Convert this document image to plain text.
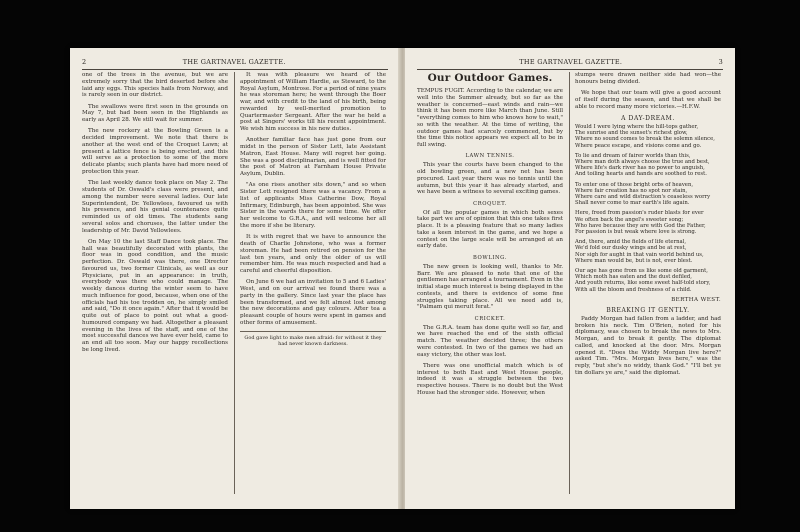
2	THE GARTNAVEL GAZETTE.

one of the trees in the avenue, but we are extremely sorry that the bird deserted before she laid any eggs. This species hails from Norway, and is rarely seen in our district.

The swallows were first seen in the grounds on May 7, but had been seen in the Highlands as early as April 28. We still wait for summer.

The new rockery at the Bowling Green is a decided improvement. We note that there is another at the west end of the Croquet Lawn; at present a lattice fence is being erected, and this will serve as a protection to some of the more delicate plants; such plants have had more need of protection this year.

The last weekly dance took place on May 2. The students of Dr. Oswald's class were present, and among the number were several ladies. Our late Superintendent, Dr. Yellowlees, favoured us with his presence, and his genial countenance quite reminded us of old times. The students sang several solos and choruses, the latter under the leadership of Mr. David Yellowlees.

On May 10 the last Staff Dance took place. The hall was beautifully decorated with plants, the floor was in good condition, and the music perfection. Dr. Oswald was there, one Director favoured us, two former Clinicals, as well as our Physicians, put in an appearance: in truth, everybody was there who could manage. The weekly dances during the winter seem to have much influence for good, because, when one of the officials had his toe trodden on, he simply smiled and said, "Do it once again." After that it would be quite out of place to point out what a good-humoured company we had. Altogether a pleasant evening in the lives of the staff, and one of the most successful dances we have ever held, came to an end all too soon. May our happy recollections be long lived.

It was with pleasure we heard of the appointment of William Hardie, as Steward, to the Royal Asylum, Montrose. For a period of nine years he was storeman here; he went through the Boer war, and with credit to the land of his birth, being rewarded by well-merited promotion to Quartermaster Sergeant. After the war he held a post at Singers' works till his recent appointment. We wish him success in his new duties.

Another familiar face has just gone from our midst in the person of Sister Lett, late Assistant Matron, East House. Many will regret her going. She was a good disciplinarian, and is well fitted for the post of Matron at Farnham House Private Asylum, Dublin.

"As one rises another sits down," and so when Sister Lett resigned there was a vacancy. From a list of applicants Miss Catherine Dow, Royal Infirmary, Edinburgh, has been appointed. She was Sister in the wards there for some time. We offer her welcome to G.R.A., and will welcome her all the more if she be literary.

It is with regret that we have to announce the death of Charlie Johnstone, who was a former storeman. He had been retired on pension for the last ten years, and only the older of us will remember him. He was much respected and had a careful and cheerful disposition.

On June 6 we had an invitation to 5 and 6 Ladies' West, and on our arrival we found there was a party in the gallery. Since last year the place has been transformed, and we felt almost lost among the new decorations and gay colours. After tea a pleasant couple of hours were spent in games and other forms of amusement.

God gave light to make men afraid: for without it they had never known darkness.
THE GARTNAVEL GAZETTE.	3
Our Outdoor Games.

TEMPUS FUGIT. According to the calendar, we are well into the Summer already, but so far as the weather is concerned—east winds and rain—we think it has been more like March than June. Still "everything comes to him who knows how to wait," so with the weather. At the time of writing, the outdoor games had scarcely commenced, but by the time this notice appears we expect all to be in full swing.

LAWN TENNIS.

This year the courts have been changed to the old bowling green, and a new net has been procured. Last year there was no tennis until the autumn, but this year it has already started, and we have been a witness to several exciting games.

CROQUET.

Of all the popular games in which both sexes take part we are of opinion that this one takes first place. It is a pleasing feature that so many ladies take a keen interest in the game, and we hope a contest on the large scale will be arranged at an early date.

BOWLING.

The new green is looking well, thanks to Mr. Barr. We are pleased to note that one of the gentlemen has arranged a tournament. Even in the initial stage much interest is being displayed in the contests, and there is evidence of some fine struggles taking place. All we need add is, "Palmam qui meruit ferat."

CRICKET.

The G.R.A. team has done quite well so far, and we have reached the end of the sixth official match. The weather decided three; the others were contested. In two of the games we had an easy victory, the other was lost.

There was one unofficial match which is of interest to both East and West House people, indeed it was a struggle between the two respective houses. There is no doubt but the West House had the stronger side. However, when

stumps were drawn neither side had won—the honours being divided.

We hope that our team will give a good account of itself during the season, and that we shall be able to record many more victories.—H.F.W.

A DAY-DREAM.
Would I were lying where the hill-tops gather,
The sunrise and the sunset's richest glow,
Where no sound comes to break the solemn silence,
Where peace escape, and visions come and go.
To lie and dream of fairer worlds than this,
Where man doth always choose the true and best,
Where life's dark river has no power to anguish,
And toiling hearts and hands are soothed to rest.
To enter one of those bright orbs of heaven,
Where fair creation has no spot nor stain,
Where care and wild distraction's ceaseless worry
Shall never come to mar earth's life again.
Here, freed from passion's ruder blasts for ever
We often back the angel's sweeter song;
Who have because they are with God the Father,
For passion is but weak where love is strong.
And, there, amid the fields of life eternal,
We'd fold our dusky wings and be at rest,
Nor sigh for aught in that vain world behind us,
Where man would be, but is not, ever blest.
Our age has gone from us like some old garment,
Which moth has eaten and the dust defiled,
And youth returns, like some sweet half-told story,
With all the bloom and freshness of a child.
BERTHA WEST.
BREAKING IT GENTLY.

Paddy Morgan had fallen from a ladder, and had broken his neck. Tim O'Brien, noted for his diplomacy, was chosen to break the news to Mrs. Morgan, and to break it gently. The diplomat called, and knocked at the door. Mrs. Morgan opened it. "Does the Widdy Morgan live here?" asked Tim. "Mrs. Morgan lives here," was the reply, "but she's no widdy, thank God." "I'll bet ye tin dollars ye are," said the diplomat.
